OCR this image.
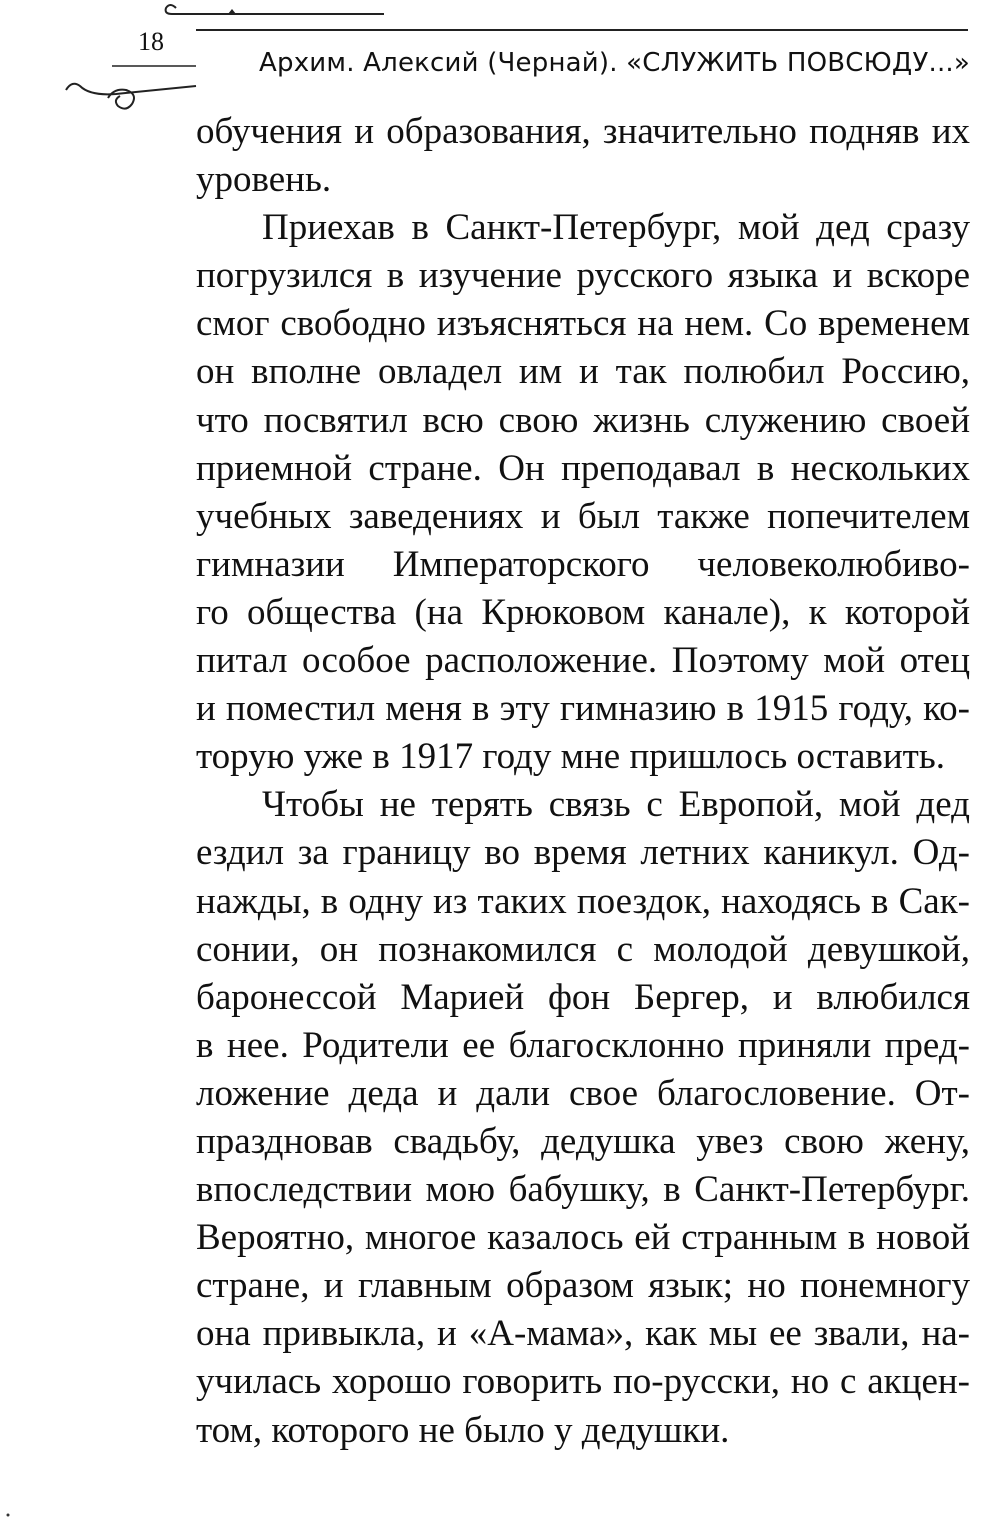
18
Архим. Алексий (Чернай). «СЛУЖИТЬ ПОВСЮДУ...»
обучения и образования, значительно подняв их
уровень.
Приехав в Санкт-Петербург, мой дед сразу
погрузился в изучение русского языка и вскоре
смог свободно изъясняться на нем. Со временем
он вполне овладел им и так полюбил Россию,
что посвятил всю свою жизнь служению своей
приемной стране. Он преподавал в нескольких
учебных заведениях и был также попечителем
гимназии Императорского человеколюбиво-
го общества (на Крюковом канале), к которой
питал особое расположение. Поэтому мой отец
и поместил меня в эту гимназию в 1915 году, ко-
торую уже в 1917 году мне пришлось оставить.
Чтобы не терять связь с Европой, мой дед
ездил за границу во время летних каникул. Од-
нажды, в одну из таких поездок, находясь в Сак-
сонии, он познакомился с молодой девушкой,
баронессой Марией фон Бергер, и влюбился
в нее. Родители ее благосклонно приняли пред-
ложение деда и дали свое благословение. От-
праздновав свадьбу, дедушка увез свою жену,
впоследствии мою бабушку, в Санкт-Петербург.
Вероятно, многое казалось ей странным в новой
стране, и главным образом язык; но понемногу
она привыкла, и «А-мама», как мы ее звали, на-
училась хорошо говорить по-русски, но с акцен-
том, которого не было у дедушки.
